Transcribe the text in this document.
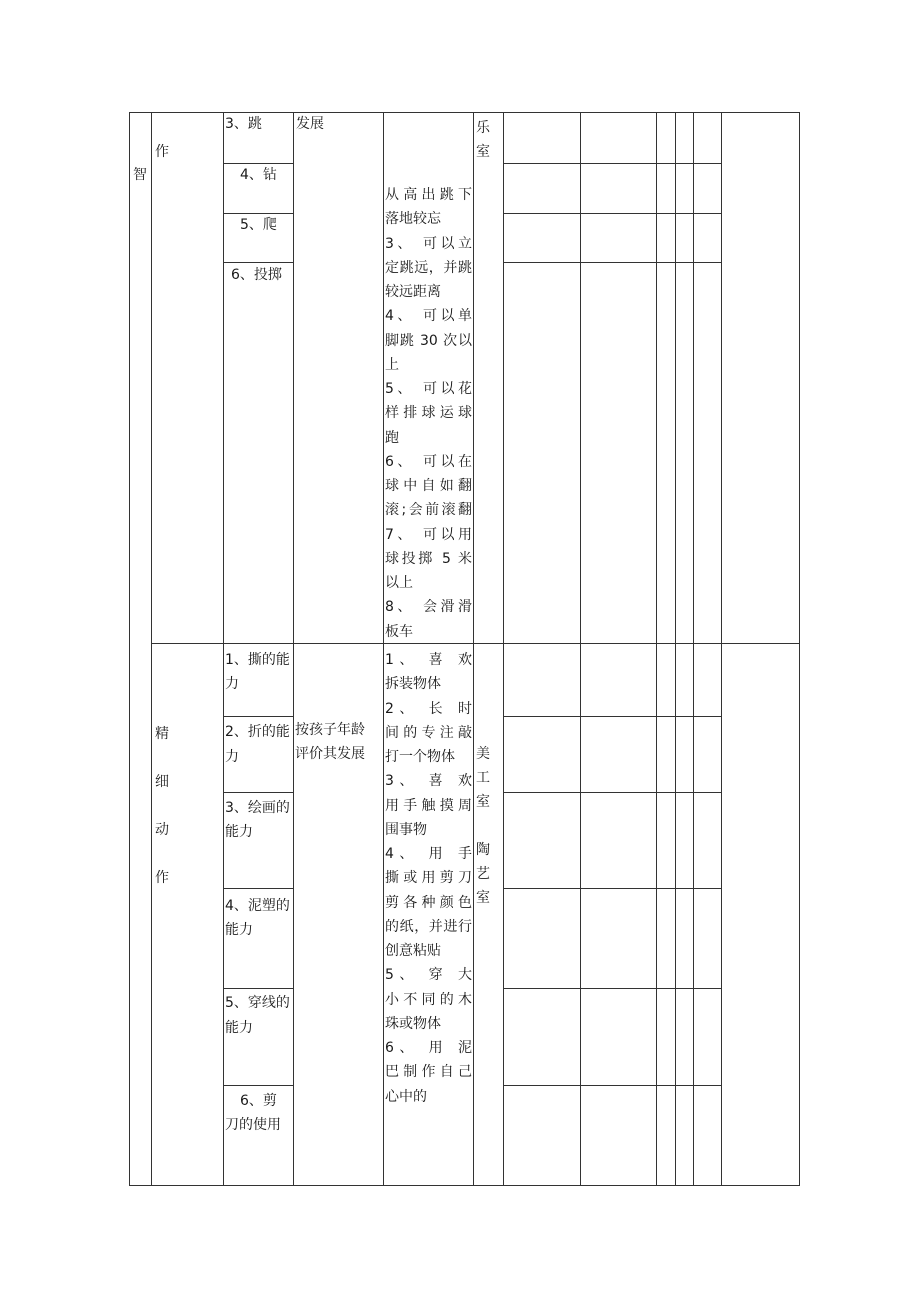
智
作
3、跳
4、钻
5、爬
6、投掷
发展
从高出跳下
落地较忘
3、 可以立
定跳远，并跳
较远距离
4、 可以单
脚跳 30 次以
上
5、 可以花
样排球运球
跑
6、 可以在
球中自如翻
滚;会前滚翻
7、 可以用
球投掷 5 米
以上
8、 会滑滑
板车
乐
室
精
细
动
作
1、撕的能
力
2、折的能
力
3、绘画的
能力
4、泥塑的
能力
5、穿线的
能力
6、剪
刀的使用
按孩子年龄
评价其发展
1、 喜 欢
拆装物体
2、 长 时
间的专注敲
打一个物体
3、 喜 欢
用手触摸周
围事物
4、 用 手
撕或用剪刀
剪各种颜色
的纸，并进行
创意粘贴
5、 穿 大
小不同的木
珠或物体
6、 用 泥
巴制作自己
心中的
美
工
室
陶
艺
室
